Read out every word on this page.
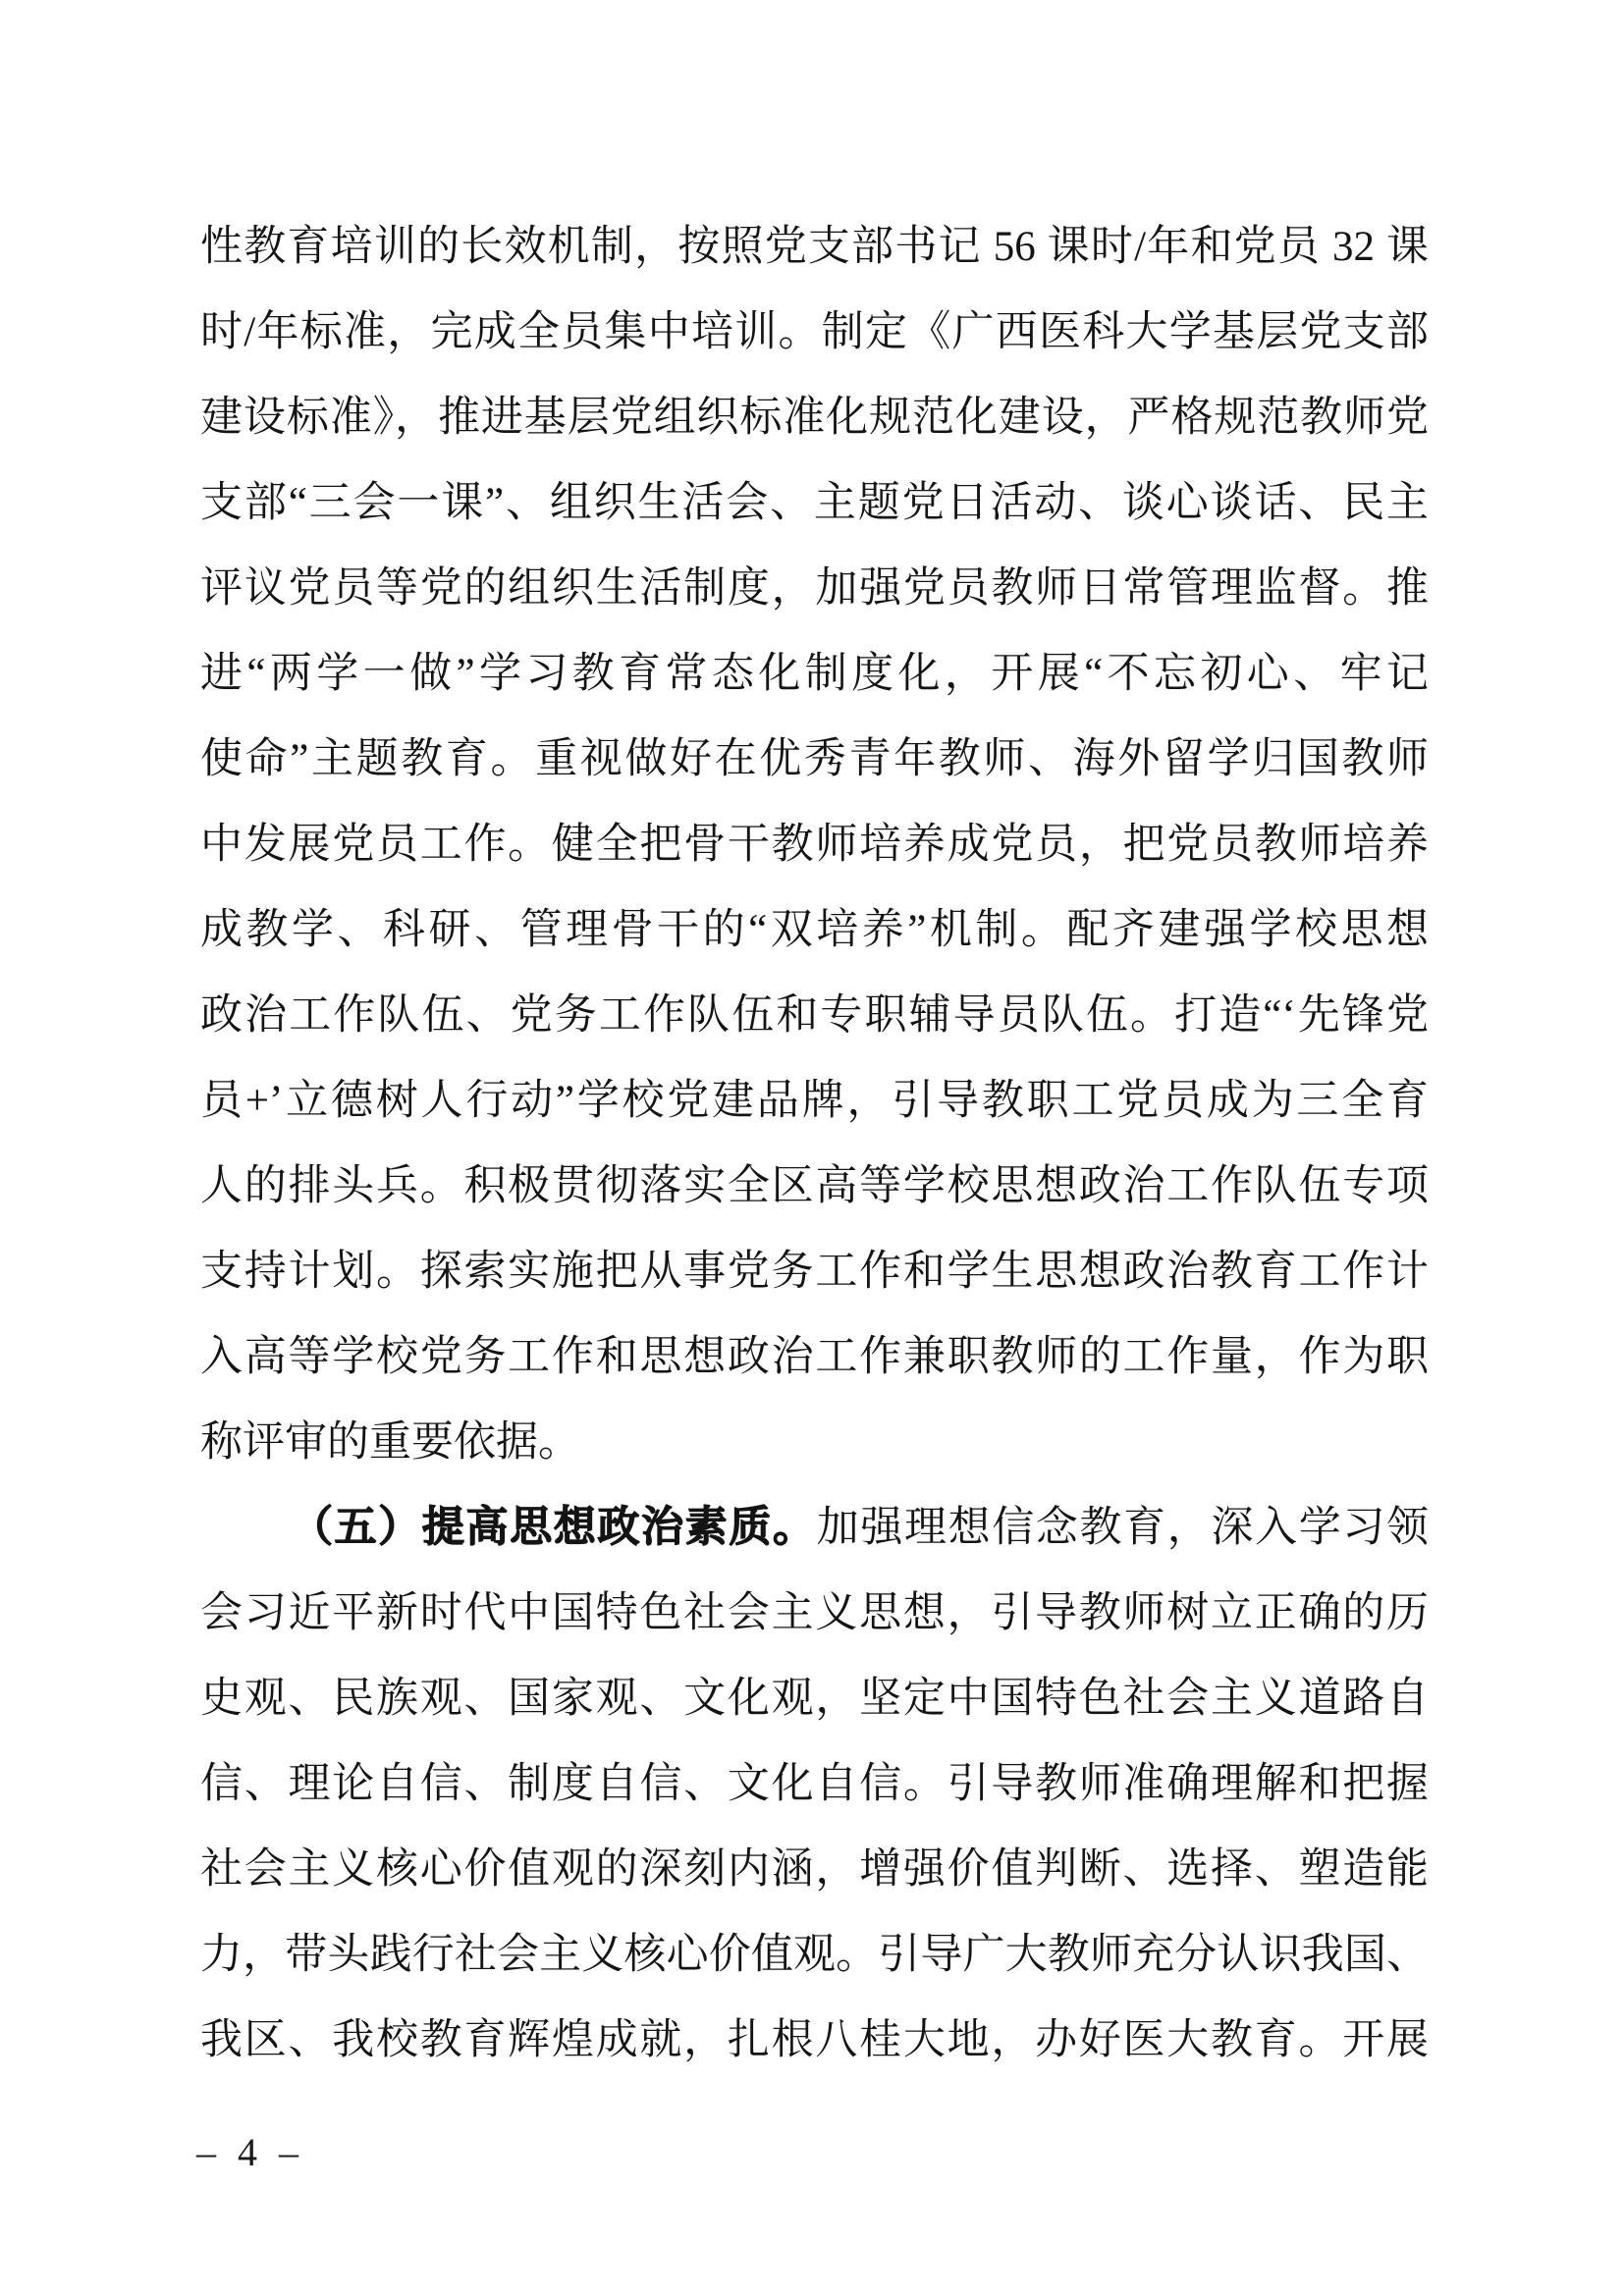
性教育培训的长效机制，按照党支部书记 56 课时/年和党员 32 课
时/年标准，完成全员集中培训。制定《广西医科大学基层党支部
建设标准》，推进基层党组织标准化规范化建设，严格规范教师党
支部“三会一课”、组织生活会、主题党日活动、谈心谈话、民主
评议党员等党的组织生活制度，加强党员教师日常管理监督。推
进“两学一做”学习教育常态化制度化，开展“不忘初心、牢记
使命”主题教育。重视做好在优秀青年教师、海外留学归国教师
中发展党员工作。健全把骨干教师培养成党员，把党员教师培养
成教学、科研、管理骨干的“双培养”机制。配齐建强学校思想
政治工作队伍、党务工作队伍和专职辅导员队伍。打造“‘先锋党
员+’立德树人行动”学校党建品牌，引导教职工党员成为三全育
人的排头兵。积极贯彻落实全区高等学校思想政治工作队伍专项
支持计划。探索实施把从事党务工作和学生思想政治教育工作计
入高等学校党务工作和思想政治工作兼职教师的工作量，作为职
称评审的重要依据。
（五）提高思想政治素质。加强理想信念教育，深入学习领
会习近平新时代中国特色社会主义思想，引导教师树立正确的历
史观、民族观、国家观、文化观，坚定中国特色社会主义道路自
信、理论自信、制度自信、文化自信。引导教师准确理解和把握
社会主义核心价值观的深刻内涵，增强价值判断、选择、塑造能
力，带头践行社会主义核心价值观。引导广大教师充分认识我国、
我区、我校教育辉煌成就，扎根八桂大地，办好医大教育。开展
– 4 –
